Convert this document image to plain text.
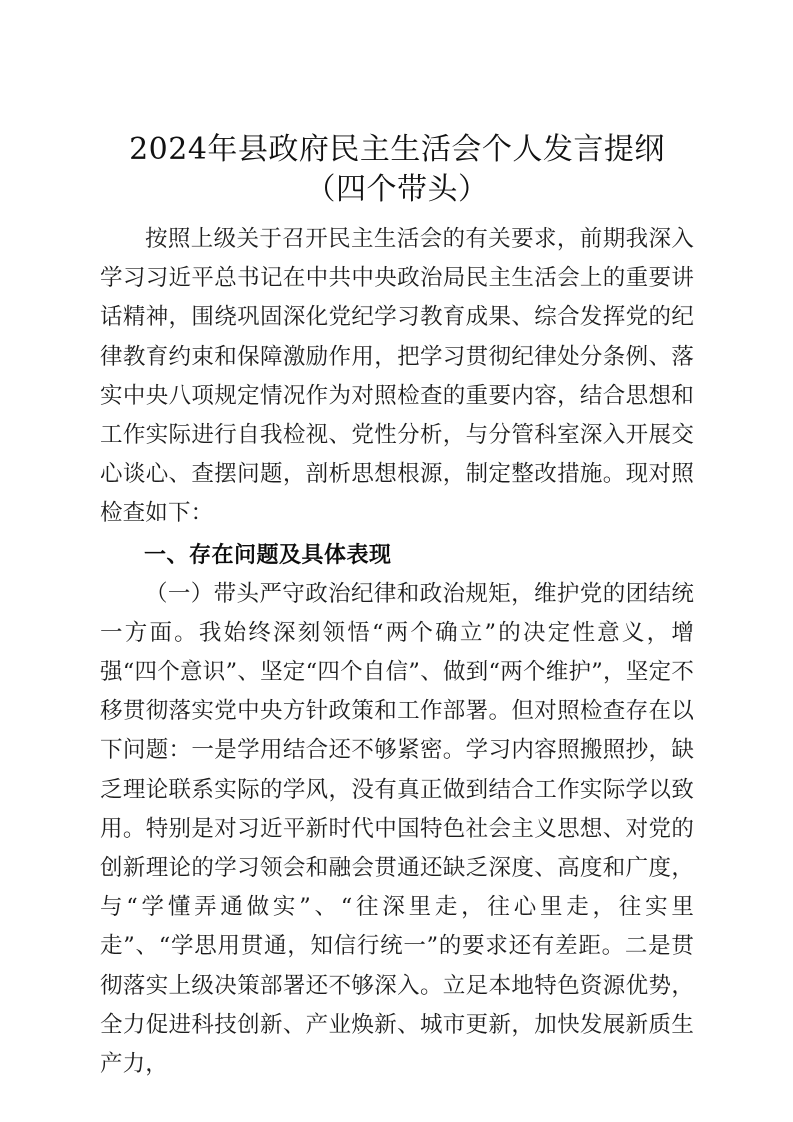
2024年县政府民主生活会个人发言提纲（四个带头）

按照上级关于召开民主生活会的有关要求，前期我深入学习习近平总书记在中共中央政治局民主生活会上的重要讲话精神，围绕巩固深化党纪学习教育成果、综合发挥党的纪律教育约束和保障激励作用，把学习贯彻纪律处分条例、落实中央八项规定情况作为对照检查的重要内容，结合思想和工作实际进行自我检视、党性分析，与分管科室深入开展交心谈心、查摆问题，剖析思想根源，制定整改措施。现对照检查如下：

一、存在问题及具体表现

（一）带头严守政治纪律和政治规矩，维护党的团结统一方面。我始终深刻领悟“两个确立”的决定性意义，增强“四个意识”、坚定“四个自信”、做到“两个维护”，坚定不移贯彻落实党中央方针政策和工作部署。但对照检查存在以下问题：一是学用结合还不够紧密。学习内容照搬照抄，缺乏理论联系实际的学风，没有真正做到结合工作实际学以致用。特别是对习近平新时代中国特色社会主义思想、对党的创新理论的学习领会和融会贯通还缺乏深度、高度和广度，与“学懂弄通做实”、“往深里走，往心里走，往实里走”、“学思用贯通，知信行统一”的要求还有差距。二是贯彻落实上级决策部署还不够深入。立足本地特色资源优势，全力促进科技创新、产业焕新、城市更新，加快发展新质生产力，
